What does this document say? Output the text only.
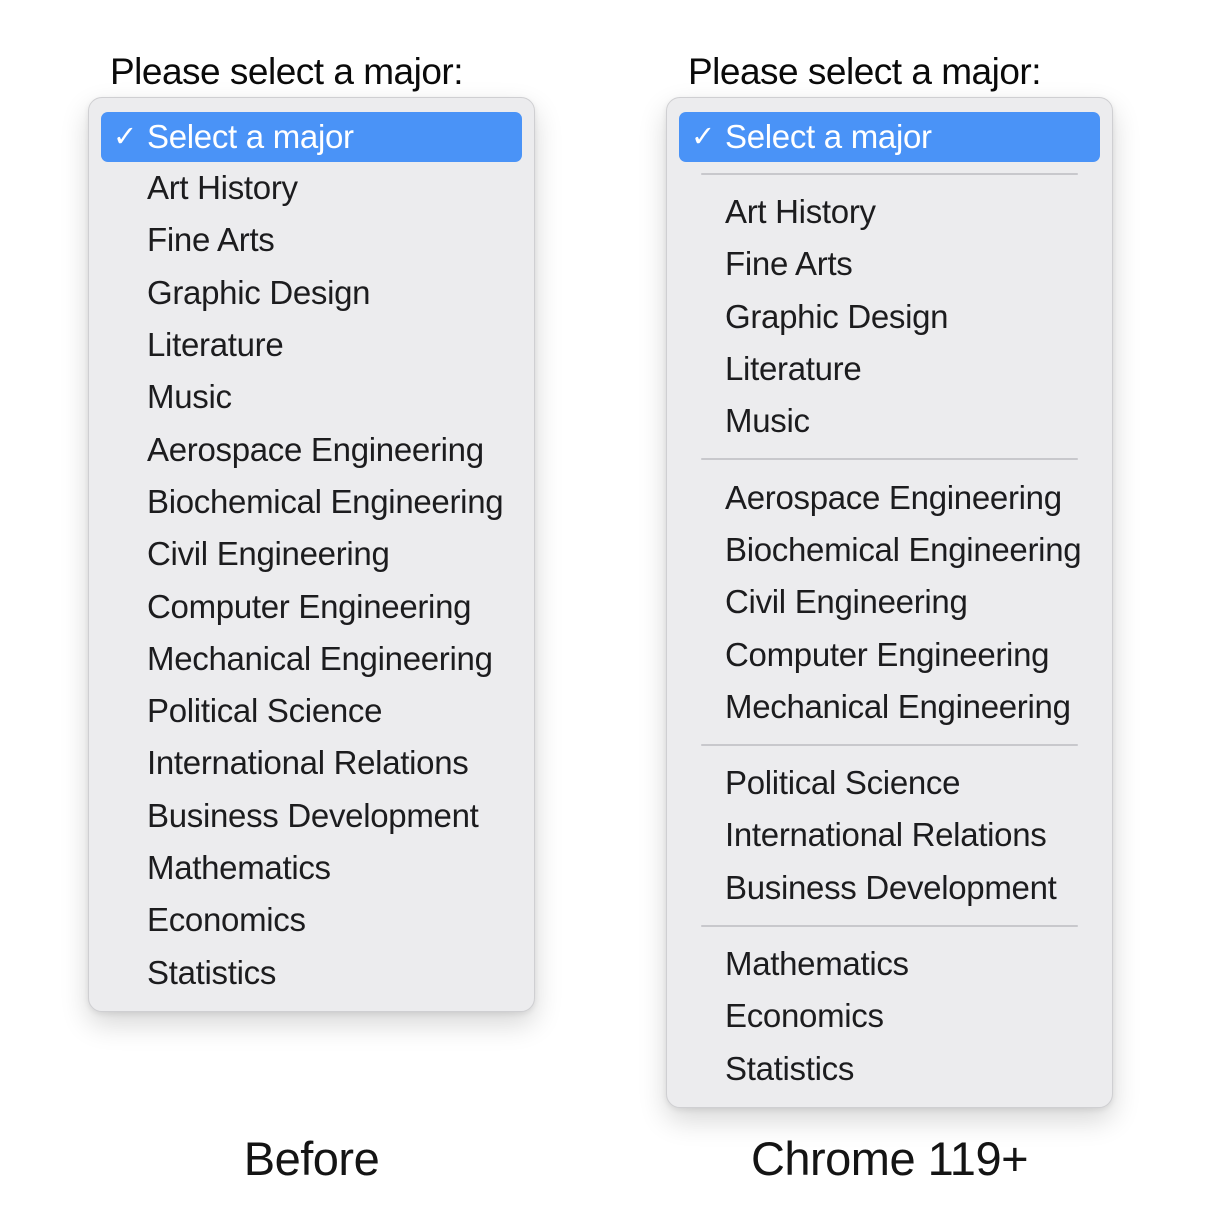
Please select a major:
✓ Select a major
Art History
Fine Arts
Graphic Design
Literature
Music
Aerospace Engineering
Biochemical Engineering
Civil Engineering
Computer Engineering
Mechanical Engineering
Political Science
International Relations
Business Development
Mathematics
Economics
Statistics
Before
Please select a major:
✓ Select a major
Art History
Fine Arts
Graphic Design
Literature
Music
Aerospace Engineering
Biochemical Engineering
Civil Engineering
Computer Engineering
Mechanical Engineering
Political Science
International Relations
Business Development
Mathematics
Economics
Statistics
Chrome 119+
